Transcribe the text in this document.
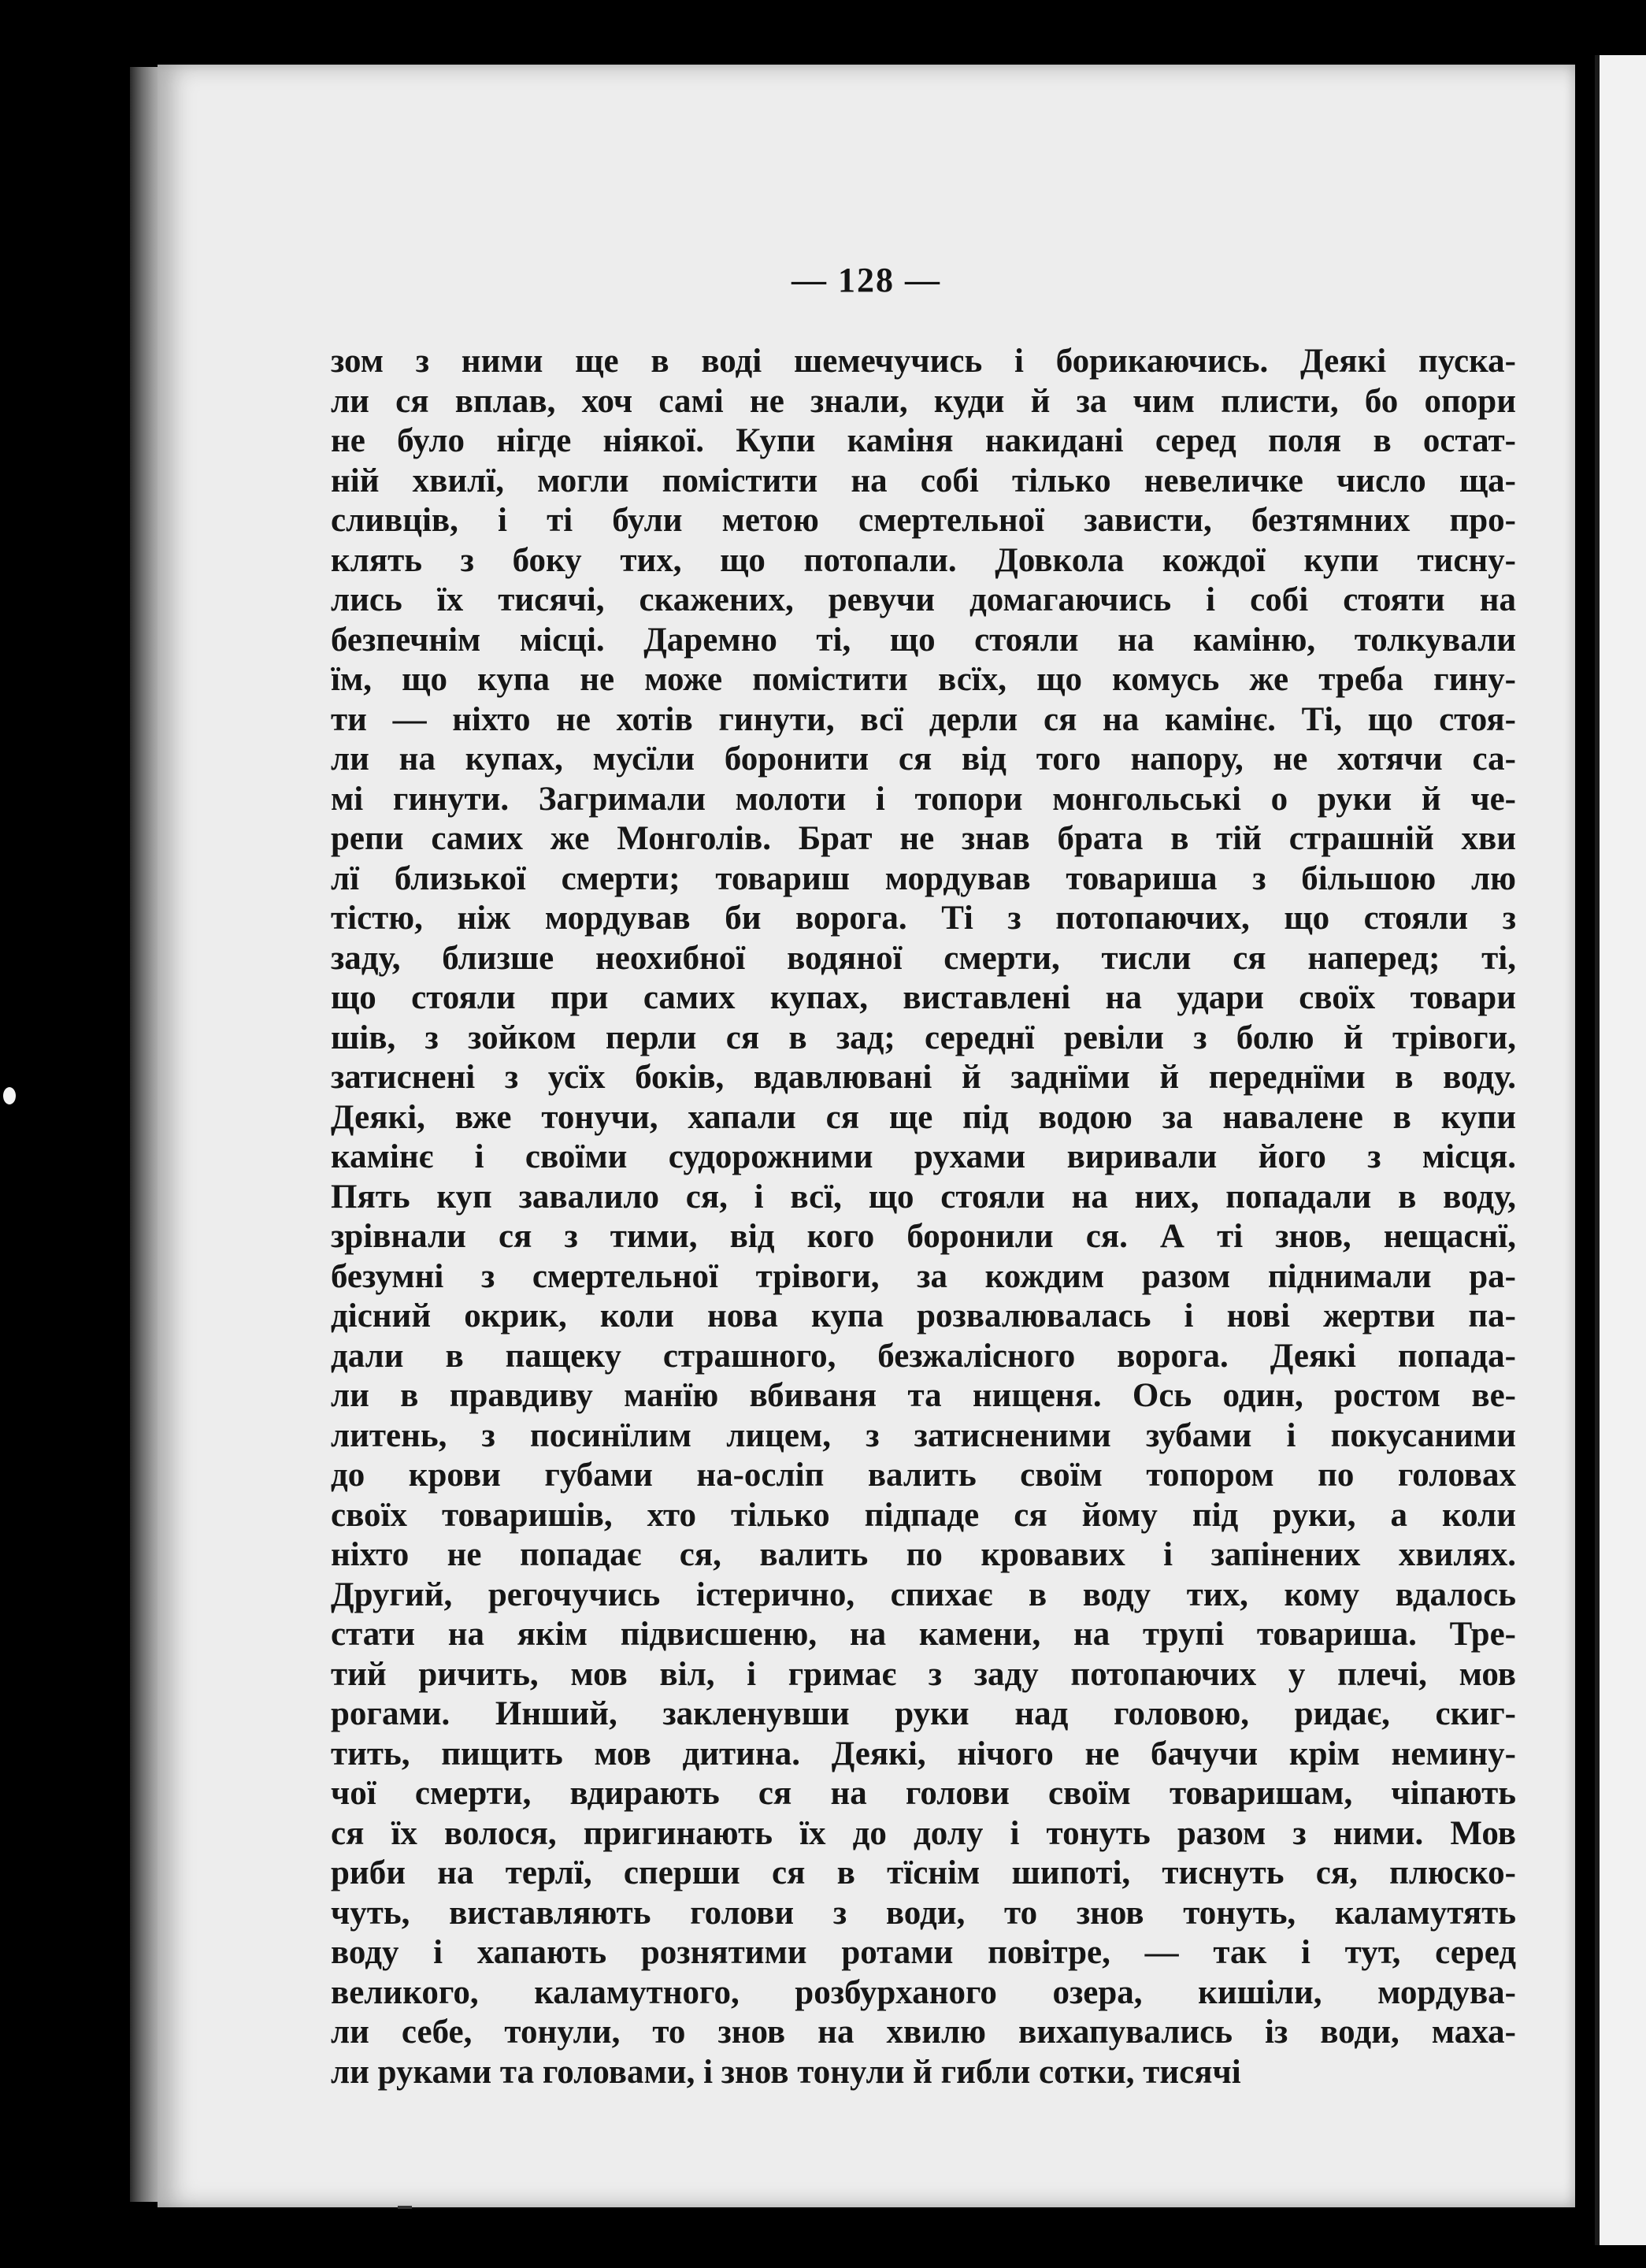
— 128 —
зом з ними ще в воді шемечучись і борикаючись. Деякі пуска-
ли ся вплав, хоч самі не знали, куди й за чим плисти, бо опори
не було нігде ніякої. Купи каміня накидані серед поля в остат-
ній хвилї, могли помістити на собі тілько невеличке число ща-
сливців, і ті були метою смертельної зависти, безтямних про-
клять з боку тих, що потопали. Довкола кождої купи тисну-
лись їх тисячі, скажених, ревучи домагаючись і собі стояти на
безпечнім місці. Даремно ті, що стояли на каміню, толкували
їм, що купа не може помістити всїх, що комусь же треба гину-
ти — ніхто не хотів гинути, всї дерли ся на камінє. Ті, що стоя-
ли на купах, мусїли боронити ся від того напору, не хотячи са-
мі гинути. Загримали молоти і топори монгольські о руки й че-
репи самих же Монголів. Брат не знав брата в тій страшній хви
лї близької смерти; товариш мордував товариша з більшою лю
тістю, ніж мордував би ворога. Ті з потопаючих, що стояли з
заду, близше неохибної водяної смерти, тисли ся наперед; ті,
що стояли при самих купах, виставлені на удари своїх товари
шів, з зойком перли ся в зад; середнї ревіли з болю й трівоги,
затиснені з усїх боків, вдавлювані й заднїми й переднїми в воду.
Деякі, вже тонучи, хапали ся ще під водою за навалене в купи
камінє і своїми судорожними рухами виривали його з місця.
Пять куп завалило ся, і всї, що стояли на них, попадали в воду,
зрівнали ся з тими, від кого боронили ся. А ті знов, нещаснї,
безумні з смертельної трівоги, за кождим разом піднимали ра-
дісний окрик, коли нова купа розвалювалась і нові жертви па-
дали в пащеку страшного, безжалісного ворога. Деякі попада-
ли в правдиву манїю вбиваня та нищеня. Ось один, ростом ве-
литень, з посинїлим лицем, з затисненими зубами і покусаними
до крови губами на-осліп валить своїм топором по головах
своїх товаришів, хто тілько підпаде ся йому під руки, а коли
ніхто не попадає ся, валить по кровавих і запінених хвилях.
Другий, регочучись істерично, спихає в воду тих, кому вдалось
стати на якім підвисшеню, на камени, на трупі товариша. Тре-
тий ричить, мов віл, і гримає з заду потопаючих у плечі, мов
рогами. Инший, закленувши руки над головою, ридає, скиг-
тить, пищить мов дитина. Деякі, нічого не бачучи крім немину-
чої смерти, вдирають ся на голови своїм товаришам, чіпають
ся їх волося, пригинають їх до долу і тонуть разом з ними. Мов
риби на терлї, сперши ся в тїснім шипоті, тиснуть ся, плюско-
чуть, виставляють голови з води, то знов тонуть, каламутять
воду і хапають рознятими ротами повітре, — так і тут, серед
великого, каламутного, розбурханого озера, кишіли, мордува-
ли себе, тонули, то знов на хвилю вихапувались із води, маха-
ли руками та головами, і знов тонули й гибли сотки, тисячі
